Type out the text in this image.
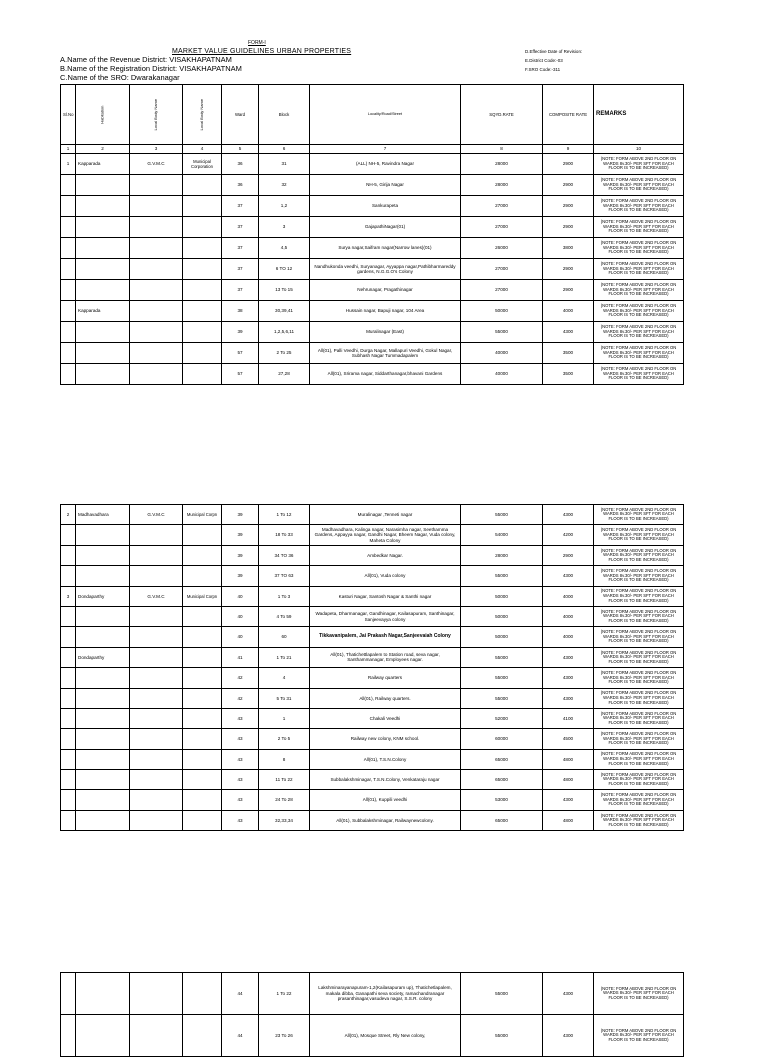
MARKET VALUE GUIDELINES URBAN PROPERTIES
FORM-I
A.Name of the Revenue District: VISAKHAPATNAM
B.Name of the Registration District: VISAKHAPATNAM
C.Name of the SRO: Dwarakanagar
D.Effective Date of Revision:
E.District Code:-03
F.SRO Code:-311
Sl.No	Habitation	Local Body Name	Local Body Name	Ward	Block	Locality/Road/Street	SQYD.RATE	COMPOSITE RATE	REMARKS
1	2	3	4	5	6	7	8	9	10
1	Kapparada	G.V.M.C	Municipal Corporation	36	31	(ALL) NH-5, Ravindra Nagar	28000	2900	(NOTE: FORM ABOVE 2ND FLOOR ON WARDS 8v.30/- PER SFT FOR EACH FLOOR IS TO BE INCREASED)
				36	32	NH-5, Girija Nagar	28000	2900	(NOTE: FORM ABOVE 2ND FLOOR ON WARDS 8v.30/- PER SFT FOR EACH FLOOR IS TO BE INCREASED)
				37	1,2	Sankurapeta	27000	2900	(NOTE: FORM ABOVE 2ND FLOOR ON WARDS 8v.30/- PER SFT FOR EACH FLOOR IS TO BE INCREASED)
				37	3	GajapathiNagar(01)	27000	2900	(NOTE: FORM ABOVE 2ND FLOOR ON WARDS 8v.30/- PER SFT FOR EACH FLOOR IS TO BE INCREASED)
				37	4,5	Surya nagar,Saifram nagar(Narrow lanes)(01)	26000	3800	(NOTE: FORM ABOVE 2ND FLOOR ON WARDS 8v.30/- PER SFT FOR EACH FLOOR IS TO BE INCREASED)
				37	6 TO 12	Nandhukonda veedhi, Suryanagar, Ayyappa nagar,Pathibharmareddy gardens, N.G.G.O's Colony	27000	2900	(NOTE: FORM ABOVE 2ND FLOOR ON WARDS 8v.30/- PER SFT FOR EACH FLOOR IS TO BE INCREASED)
				37	13 To 15	Nehrunagar, Pragathinagar	27000	2900	(NOTE: FORM ABOVE 2ND FLOOR ON WARDS 8v.30/- PER SFT FOR EACH FLOOR IS TO BE INCREASED)
	Kapparada			38	30,39,41	Hussain nagar, Bapuji nagar, 104 Area	50000	4000	(NOTE: FORM ABOVE 2ND FLOOR ON WARDS 8v.30/- PER SFT FOR EACH FLOOR IS TO BE INCREASED)
				39	1,2,5,6,11	Muralinagar (East)	55000	4300	(NOTE: FORM ABOVE 2ND FLOOR ON WARDS 8v.30/- PER SFT FOR EACH FLOOR IS TO BE INCREASED)
				57	2 To 25	All(01), Palli Veedhi, Durga Nagar, Mallapuri Veedhi, Gokul Nagar, Subhash Nagar Tummadapalem	40000	3500	(NOTE: FORM ABOVE 2ND FLOOR ON WARDS 8v.30/- PER SFT FOR EACH FLOOR IS TO BE INCREASED)
				57	27,28	All(01), Srirama nagar, Siddarthanagar,bhavani Gardens	40000	3500	(NOTE: FORM ABOVE 2ND FLOOR ON WARDS 8v.30/- PER SFT FOR EACH FLOOR IS TO BE INCREASED)
2	Madhavadhara	G.V.M.C	Municipal Corpn	39	1 To 12	Muralinagar ,Tenneti nagar	55000	4300	(NOTE: FORM ABOVE 2ND FLOOR ON WARDS 8v.30/- PER SFT FOR EACH FLOOR IS TO BE INCREASED)
				39	18 To 33	Madhavadhara, Kalinga nagar, Narasimha nagar, Seethamma Gardens, Appayya nagar, Gandhi Nagar, Bheem Nagar, Vuda colony, Maheta Colony	54000	4200	(NOTE: FORM ABOVE 2ND FLOOR ON WARDS 8v.30/- PER SFT FOR EACH FLOOR IS TO BE INCREASED)
				39	34 TO 36	Ambedkar Nagar.	28000	2900	(NOTE: FORM ABOVE 2ND FLOOR ON WARDS 8v.30/- PER SFT FOR EACH FLOOR IS TO BE INCREASED)
				39	37 TO 63	All(01), Vuda colony	55000	4300	(NOTE: FORM ABOVE 2ND FLOOR ON WARDS 8v.30/- PER SFT FOR EACH FLOOR IS TO BE INCREASED)
3	Dondaparthy	G.V.M.C	Municipal Corpn	40	1 To 3	Kasturi Nagar, Santosh Nagar & Santhi nagar	50000	4000	(NOTE: FORM ABOVE 2ND FLOOR ON WARDS 8v.30/- PER SFT FOR EACH FLOOR IS TO BE INCREASED)
				40	4 To 59	Wadapeta, Dharmanagar, Gandhinagar, Kailasapuram, Santhinagar, Sanjeevayya colony	50000	4000	(NOTE: FORM ABOVE 2ND FLOOR ON WARDS 8v.30/- PER SFT FOR EACH FLOOR IS TO BE INCREASED)
				40	60	Tikkavanipalem, Jai Prakash Nagar,Sanjeevaiah Colony	50000	4000	(NOTE: FORM ABOVE 2ND FLOOR ON WARDS 8v.30/- PER SFT FOR EACH FLOOR IS TO BE INCREASED)
	Dondaparthy			41	1 To 21	All(01), Thatichettlapalem to Station road, seva nagar, Santhammanagar, Employees nagar.	55000	4300	(NOTE: FORM ABOVE 2ND FLOOR ON WARDS 8v.30/- PER SFT FOR EACH FLOOR IS TO BE INCREASED)
				42	4	Railway quarters	55000	4300	(NOTE: FORM ABOVE 2ND FLOOR ON WARDS 8v.30/- PER SFT FOR EACH FLOOR IS TO BE INCREASED)
				42	5 To 31	All(01), Railway quarters.	55000	4300	(NOTE: FORM ABOVE 2ND FLOOR ON WARDS 8v.30/- PER SFT FOR EACH FLOOR IS TO BE INCREASED)
				43	1	Chakali Veedhi	52000	4100	(NOTE: FORM ABOVE 2ND FLOOR ON WARDS 8v.30/- PER SFT FOR EACH FLOOR IS TO BE INCREASED)
				43	2 To 5	Railway new colony, KNM school.	60000	4500	(NOTE: FORM ABOVE 2ND FLOOR ON WARDS 8v.30/- PER SFT FOR EACH FLOOR IS TO BE INCREASED)
				43	8	All(01), T.S.N.Colony	65000	4800	(NOTE: FORM ABOVE 2ND FLOOR ON WARDS 8v.30/- PER SFT FOR EACH FLOOR IS TO BE INCREASED)
				43	11 To 22	Subbalakshminagar, T.S.N.Colony, Venkataraju nagar	65000	4800	(NOTE: FORM ABOVE 2ND FLOOR ON WARDS 8v.30/- PER SFT FOR EACH FLOOR IS TO BE INCREASED)
				43	24 To 28	All(01), Kuppili veedhi	53000	4300	(NOTE: FORM ABOVE 2ND FLOOR ON WARDS 8v.30/- PER SFT FOR EACH FLOOR IS TO BE INCREASED)
				43	32,33,34	All(01), Subbalakshminagar, Railwaynewcolony.	65000	4800	(NOTE: FORM ABOVE 2ND FLOOR ON WARDS 8v.30/- PER SFT FOR EACH FLOOR IS TO BE INCREASED)
				44	1 To 22	Lakshminarayanapuram-1,2(Kailasapuram up), Thatichetlapalem, makala dibba, Ganapathi seva society, ramachandranagar prasanthinagar,vasudeva nagar, S.S.R. colony	55000	4300	(NOTE: FORM ABOVE 2ND FLOOR ON WARDS 8v.30/- PER SFT FOR EACH FLOOR IS TO BE INCREASED)
				44	23 To 26	All(01), Mosque Street, Rly New colony,	55000	4300	(NOTE: FORM ABOVE 2ND FLOOR ON WARDS 8v.30/- PER SFT FOR EACH FLOOR IS TO BE INCREASED)
